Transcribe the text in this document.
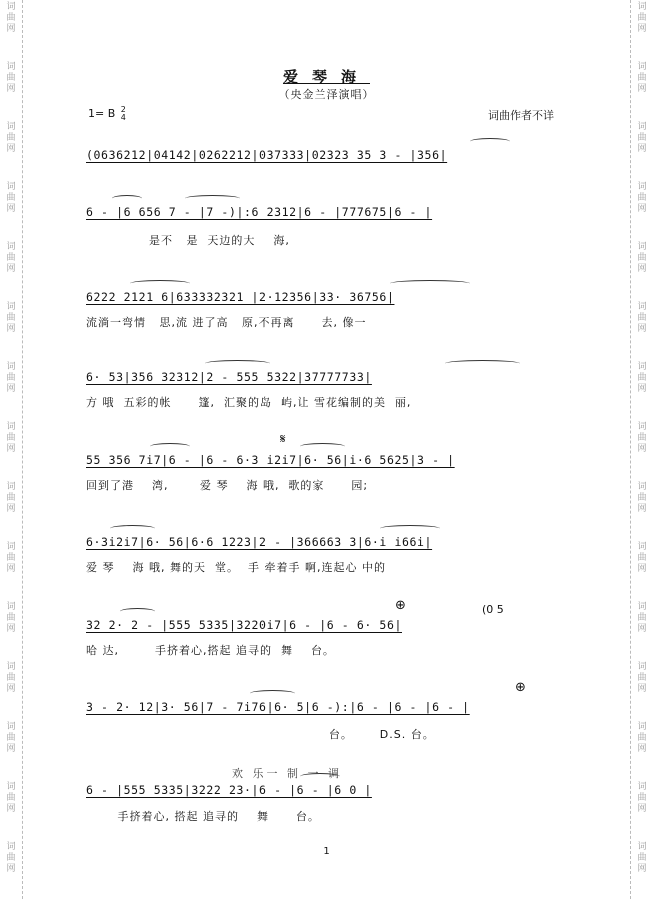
词
曲
网
词
曲
网
词
曲
网
词
曲
网
词
曲
网
词
曲
网
词
曲
网
词
曲
网
词
曲
网
词
曲
网
词
曲
网
词
曲
网
词
曲
网
词
曲
网
词
曲
网
词
曲
网
词
曲
网
词
曲
网
词
曲
网
词
曲
网
词
曲
网
词
曲
网
词
曲
网
词
曲
网
词
曲
网
词
曲
网
词
曲
网
词
曲
网
词
曲
网
词
曲
网
爱琴海
（央金兰泽演唱）
1= B 2
4	词曲作者不详
(0636212|04142|0262212|037333|02323 35 3 - |356|
6 - |6 656 7 - |7 -)|:6 2312|6 - |777675|6 - |
是不   是  天边的大    海,
6222 2121 6|633332321 |2·12356|33· 36756|
流淌一弯情   思,流 进了高   原,不再离      去, 像一
6· 53|356 32312|2 - 555 5322|37777733|
方 哦  五彩的帐      篷,  汇聚的岛  屿,让 雪花编制的美  丽,
55 356 7i7|6 - |6 - 6·3 i2i7|6· 56|i·6 5625|3 - |
回到了港    湾,       爱 琴    海 哦,  歌的家      园;
6·3i2i7|6· 56|6·6 1223|2 - |366663 3|6·i i66i|
爱 琴    海 哦, 舞的天  堂。  手 牵着手 啊,连起心 中的
32 2· 2 - |555 5335|3220i7|6 - |6 - 6· 56|
哈 达,        手挤着心,搭起 追寻的  舞    台。
⊕	(0 5
3 - 2· 12|3· 56|7 - 7i76|6· 5|6 -):|6 - |6 - |6 - |
台。      D.S. 台。
⊕
欢 乐一 制 一 调
6 - |555 5335|3222 23·|6 - |6 - |6 0 |
手挤着心, 搭起 追寻的    舞      台。
𝄋
1
